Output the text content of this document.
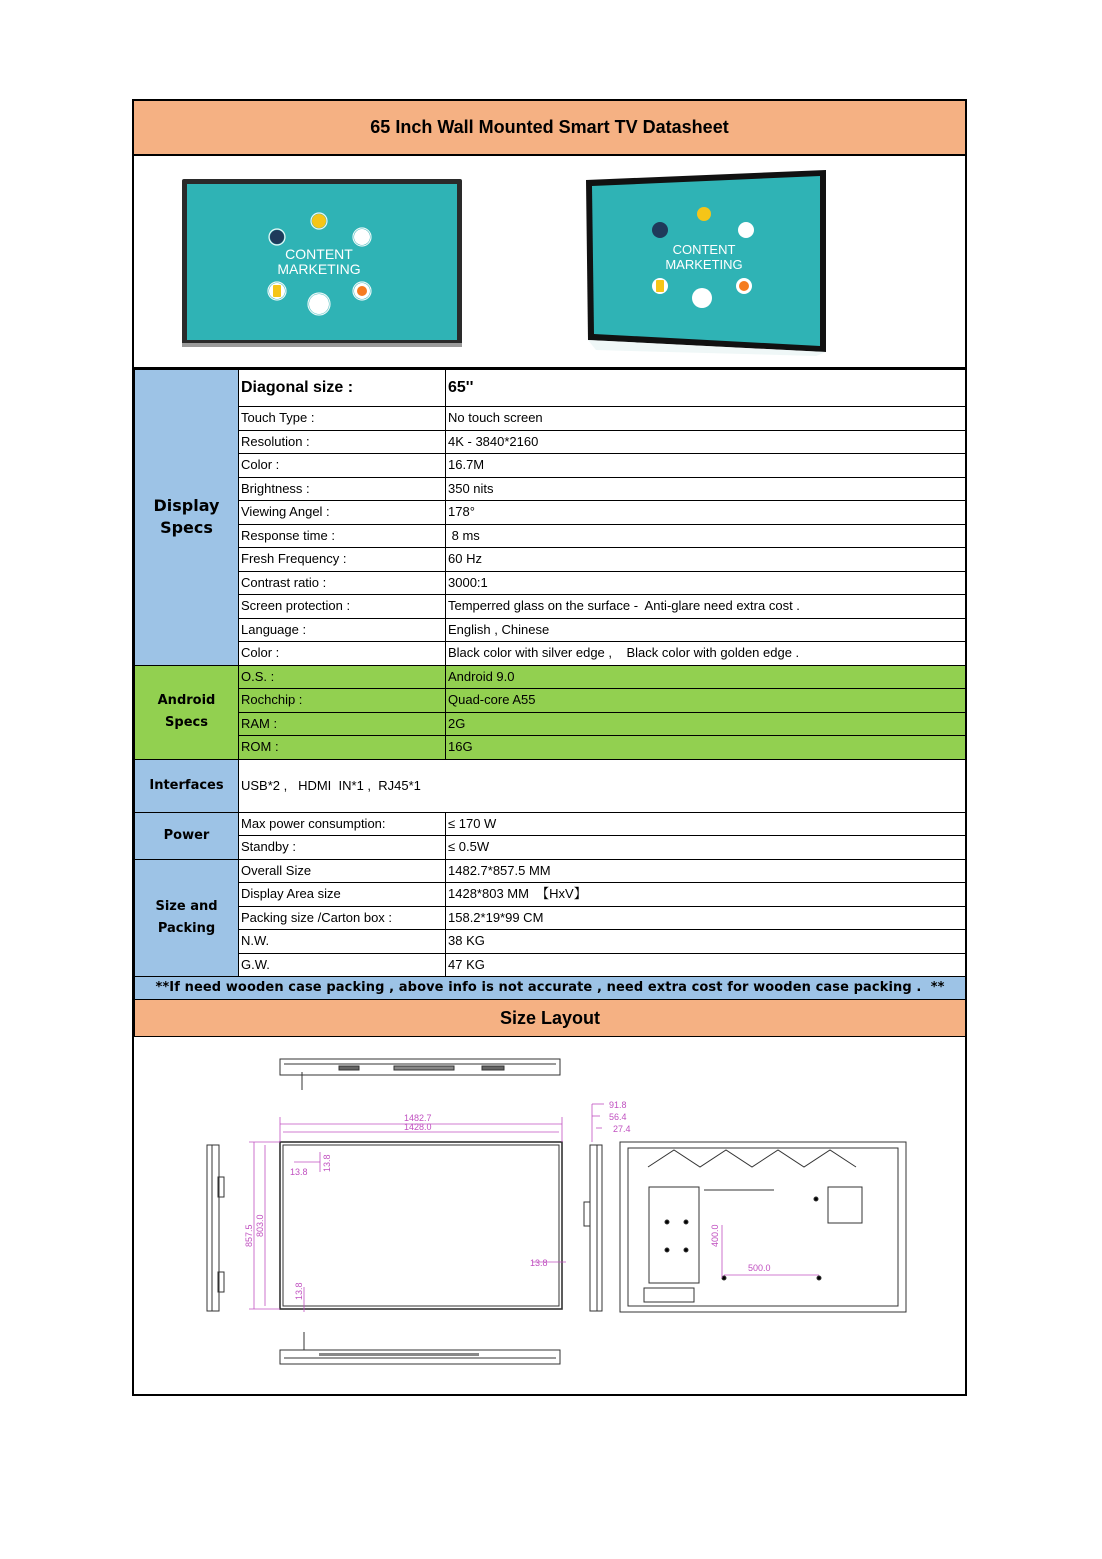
65 Inch Wall Mounted Smart TV Datasheet
CONTENT
MARKETING
CONTENT
MARKETING
Display
Specs	Diagonal size :	65''
	Touch Type :	No touch screen
	Resolution :	4K - 3840*2160
	Color :	16.7M
	Brightness :	350 nits
	Viewing Angel :	178°
	Response time :	8 ms
	Fresh Frequency :	60 Hz
	Contrast ratio :	3000:1
	Screen protection :	Temperred glass on the surface -  Anti-glare need extra cost .
	Language :	English , Chinese
	Color :	Black color with silver edge ,    Black color with golden edge .
Android
Specs	O.S. :	Android 9.0
	Rochchip :	Quad-core A55
	RAM :	2G
	ROM :	16G
Interfaces	USB*2 ,   HDMI  IN*1 ,  RJ45*1	
Power	Max power consumption:	≤ 170 W
	Standby :	≤ 0.5W
Size and
Packing	Overall Size	1482.7*857.5 MM
	Display Area size	1428*803 MM  【HxV】
	Packing size /Carton box :	158.2*19*99 CM
	N.W.	38 KG
	G.W.	47 KG
**If need wooden case packing , above info is not accurate , need extra cost for wooden case packing .  **		
Size Layout		
1482.7
1428.0
13.8
13.8
91.8
56.4
27.4
500.0
857.5 803.0
13.8
13.8
400.0
